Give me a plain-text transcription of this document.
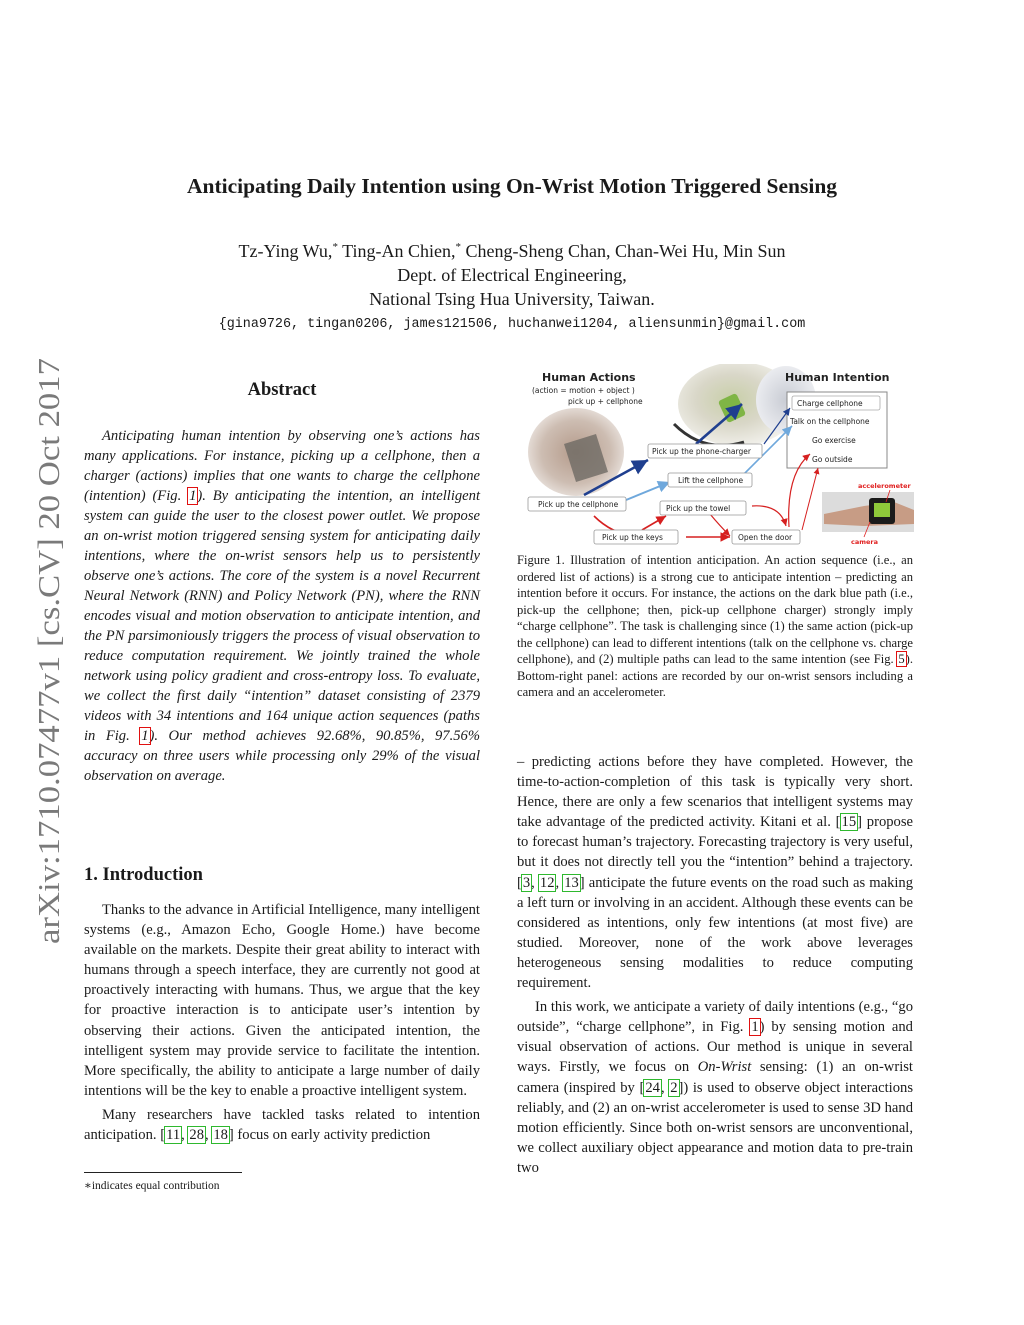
arXiv:1710.07477v1 [cs.CV] 20 Oct 2017
Anticipating Daily Intention using On-Wrist Motion Triggered Sensing
Tz-Ying Wu,* Ting-An Chien,* Cheng-Sheng Chan, Chan-Wei Hu, Min Sun
Dept. of Electrical Engineering,
National Tsing Hua University, Taiwan.
{gina9726, tingan0206, james121506, huchanwei1204, aliensunmin}@gmail.com
Abstract
Anticipating human intention by observing one’s actions has many applications. For instance, picking up a cellphone, then a charger (actions) implies that one wants to charge the cellphone (intention) (Fig. 1). By anticipating the intention, an intelligent system can guide the user to the closest power outlet. We propose an on-wrist motion triggered sensing system for anticipating daily intentions, where the on-wrist sensors help us to persistently observe one’s actions. The core of the system is a novel Recurrent Neural Network (RNN) and Policy Network (PN), where the RNN encodes visual and motion observation to anticipate intention, and the PN parsimoniously triggers the process of visual observation to reduce computation requirement. We jointly trained the whole network using policy gradient and cross-entropy loss. To evaluate, we collect the first daily “intention” dataset consisting of 2379 videos with 34 intentions and 164 unique action sequences (paths in Fig. 1). Our method achieves 92.68%, 90.85%, 97.56% accuracy on three users while processing only 29% of the visual observation on average.
1. Introduction

Thanks to the advance in Artificial Intelligence, many intelligent systems (e.g., Amazon Echo, Google Home.) have become available on the markets. Despite their great ability to interact with humans through a speech interface, they are currently not good at proactively interacting with humans. Thus, we argue that the key for proactive interaction is to anticipate user’s intention by observing their actions. Given the anticipated intention, the intelligent system may provide service to facilitate the intention. More specifically, the ability to anticipate a large number of daily intentions will be the key to enable a proactive intelligent system.

Many researchers have tackled tasks related to intention anticipation. [11, 28, 18] focus on early activity prediction

∗indicates equal contribution
Human Actions
(action = motion + object )
pick up + cellphone
Human Intention
Charge cellphone
Talk on the cellphone
Go exercise
Go outside
accelerometer
camera
Pick up the phone-charger
Lift the cellphone
Pick up the cellphone	Pick up the towel
Pick up the keys	Open the door
Figure 1. Illustration of intention anticipation. An action sequence (i.e., an ordered list of actions) is a strong cue to anticipate intention – predicting an intention before it occurs. For instance, the actions on the dark blue path (i.e., pick-up the cellphone; then, pick-up cellphone charger) strongly imply “charge cellphone”. The task is challenging since (1) the same action (pick-up the cellphone) can lead to different intentions (talk on the cellphone vs. charge cellphone), and (2) multiple paths can lead to the same intention (see Fig. 5). Bottom-right panel: actions are recorded by our on-wrist sensors including a camera and an accelerometer.

– predicting actions before they have completed. However, the time-to-action-completion of this task is typically very short. Hence, there are only a few scenarios that intelligent systems may take advantage of the predicted activity. Kitani et al. [15] propose to forecast human’s trajectory. Forecasting trajectory is very useful, but it does not directly tell you the “intention” behind a trajectory. [3, 12, 13] anticipate the future events on the road such as making a left turn or involving in an accident. Although these events can be considered as intentions, only few intentions (at most five) are studied. Moreover, none of the work above leverages heterogeneous sensing modalities to reduce computing requirement.

In this work, we anticipate a variety of daily intentions (e.g., “go outside”, “charge cellphone”, in Fig. 1) by sensing motion and visual observation of actions. Our method is unique in several ways. Firstly, we focus on On-Wrist sensing: (1) an on-wrist camera (inspired by [24, 2]) is used to observe object interactions reliably, and (2) an on-wrist accelerometer is used to sense 3D hand motion efficiently. Since both on-wrist sensors are unconventional, we collect auxiliary object appearance and motion data to pre-train two
